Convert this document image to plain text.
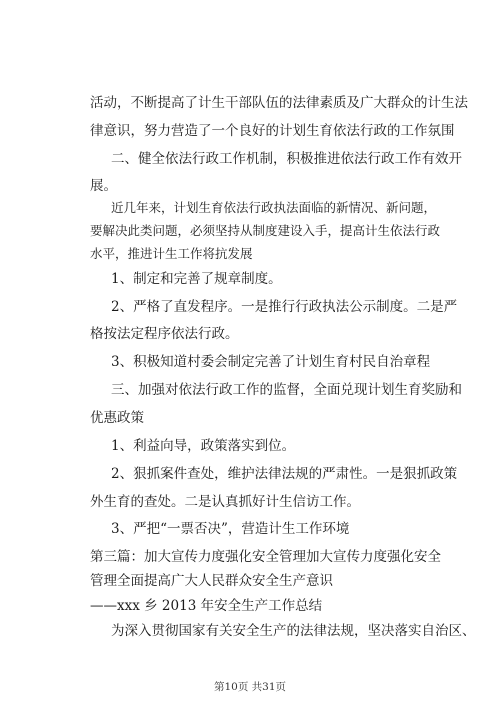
活动，不断提高了计生干部队伍的法律素质及广大群众的计生法
律意识，努力营造了一个良好的计划生育依法行政的工作氛围
二、健全依法行政工作机制，积极推进依法行政工作有效开
展。
近几年来，计划生育依法行政执法面临的新情况、新问题，
要解决此类问题，必须坚持从制度建设入手，提高计生依法行政
水平，推进计生工作将抗发展
1、制定和完善了规章制度。
2、严格了直发程序。一是推行行政执法公示制度。二是严
格按法定程序依法行政。
3、积极知道村委会制定完善了计划生育村民自治章程
三、加强对依法行政工作的监督，全面兑现计划生育奖励和
优惠政策
1、利益向导，政策落实到位。
2、狠抓案件查处，维护法律法规的严肃性。一是狠抓政策
外生育的查处。二是认真抓好计生信访工作。
3、严把“一票否决”，营造计生工作环境
第三篇：加大宣传力度强化安全管理加大宣传力度强化安全
管理全面提高广大人民群众安全生产意识
——xxx 乡 2013 年安全生产工作总结
为深入贯彻国家有关安全生产的法律法规，坚决落实自治区、
第10页 共31页
